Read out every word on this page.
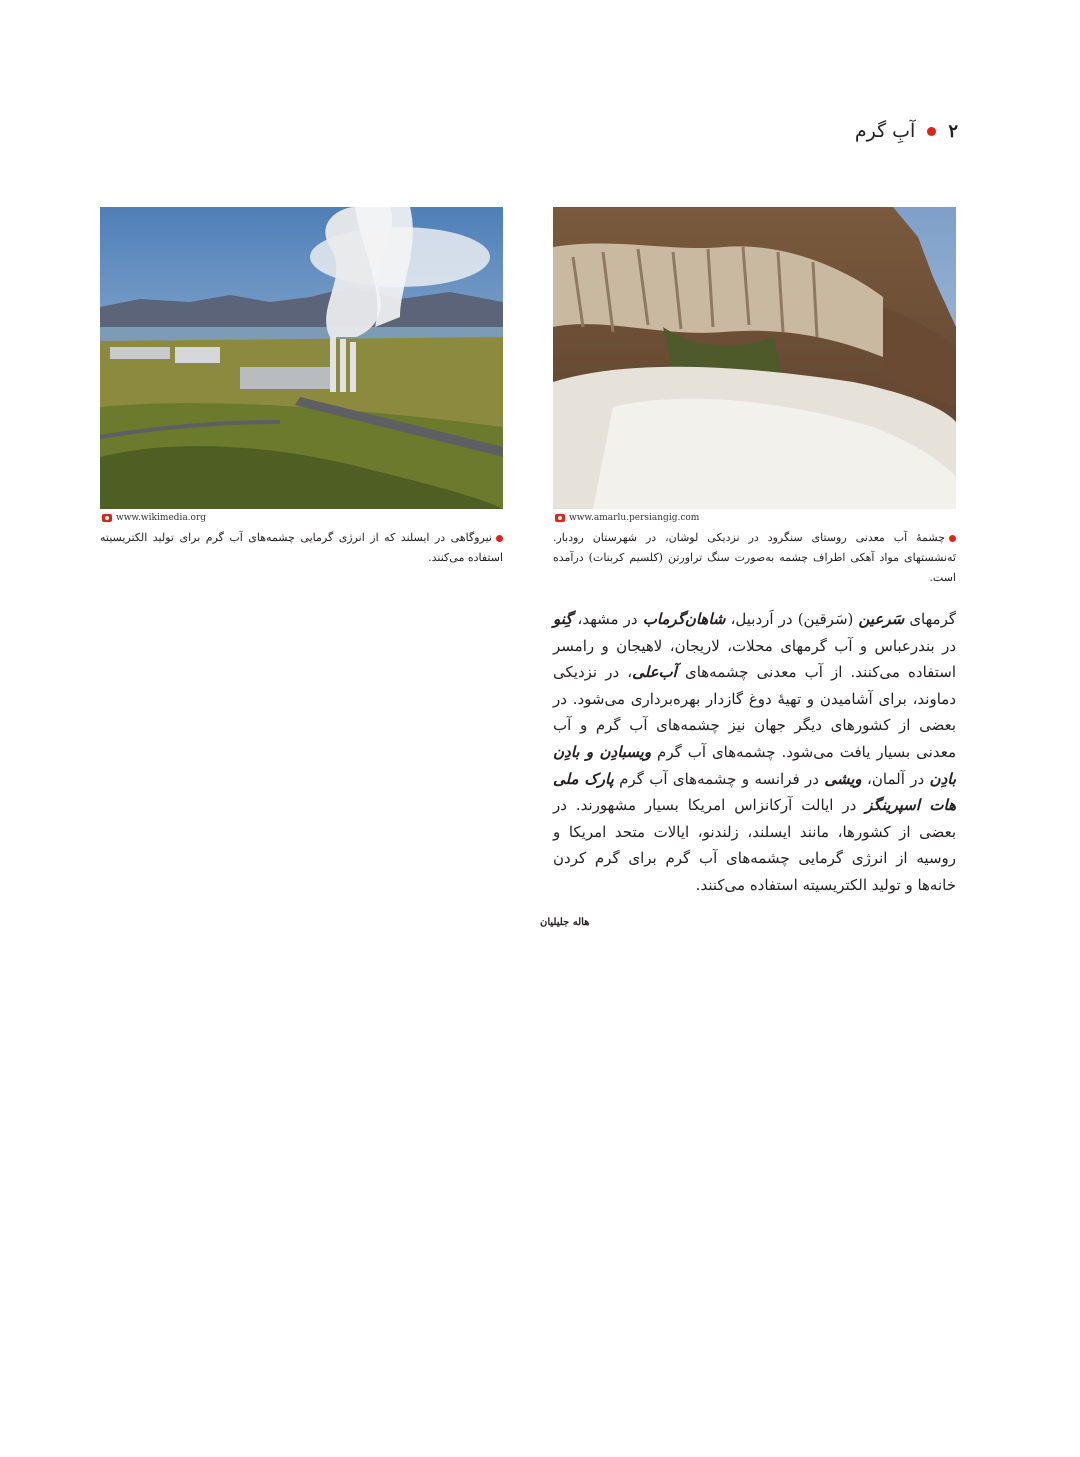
۲
آبِ گرم
www.amarlu.persiangig.com
www.wikimedia.org
چشمهٔ آب معدنی روستای سنگرود در نزدیکی لوشان، در شهرستان رودبار. تَه‌نشستهای مواد آهکی اطراف چشمه به‌صورت سنگ تراورتن (کلسیم کربنات) درآمده است.
نیروگاهی در ایسلند که از انرژی گرمایی چشمه‌های آب گرم برای تولید الکتریسیته استفاده می‌کنند.
گرمهای سَرعین (سَرقین) در اَردبیل، شاهان‌گرماب در مشهد، گِنو در بندرعباس و آب گرمهای محلات، لاریجان، لاهیجان و رامسر استفاده می‌کنند. از آب معدنی چشمه‌های آب‌علی، در نزدیکی دماوند، برای آشامیدن و تهیهٔ دوغ گازدار بهره‌برداری می‌شود. در بعضی از کشورهای دیگر جهان نیز چشمه‌های آب گرم و آب معدنی بسیار یافت می‌شود. چشمه‌های آب گرم ویسبادِن و بادِن بادِن در آلمان، ویشی در فرانسه و چشمه‌های آب گرم پارک ملی هات اسپرینگز در ایالت آرکانزاس امریکا بسیار مشهورند. در بعضی از کشورها، مانند ایسلند، زلندنو، ایالات متحد امریکا و روسیه از انرژی گرمایی چشمه‌های آب گرم برای گرم کردن خانه‌ها و تولید الکتریسیته استفاده می‌کنند.
هاله جلیلیان
